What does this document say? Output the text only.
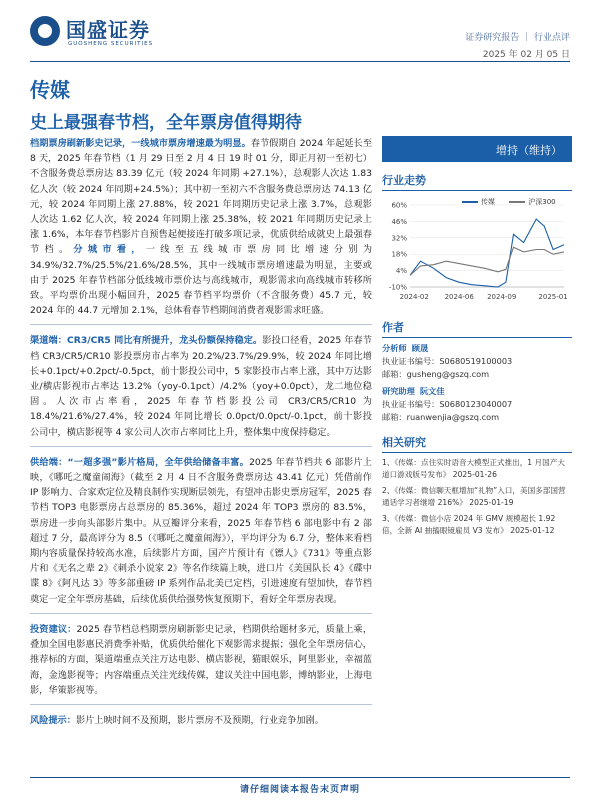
国盛证券
GUOSHENG SECURITIES
证券研究报告 ｜ 行业点评
2025 年 02 月 05 日
传媒
史上最强春节档，全年票房值得期待

档期票房刷新影史记录，一线城市票房增速最为明显。春节假期自 2024 年起延长至 8 天，2025 年春节档（1 月 29 日至 2 月 4 日 19 时 01 分，即正月初一至初七）不含服务费总票房达 83.39 亿元（较 2024 年同期 +27.1%），总观影人次达 1.83 亿人次（较 2024 年同期+24.5%）；其中初一至初六不含服务费总票房达 74.13 亿元，较 2024 年同期上涨 27.88%，较 2021 年同期历史记录上涨 3.7%，总观影人次达 1.62 亿人次，较 2024 年同期上涨 25.38%，较 2021 年同期历史记录上涨 1.6%，本年春节档影片自预售起便接连打破多项记录，优质供给成就史上最强春节档。分城市看，一线至五线城市票房同比增速分别为 34.9%/32.7%/25.5%/21.6%/28.5%，其中一线城市票房增速最为明显，主要或由于 2025 年春节档部分低线城市票价达与高线城市，观影需求向高线城市转移所致。平均票价出现小幅回升，2025 春节档平均票价（不含服务费）45.7 元，较 2024 年的 44.7 元增加 2.1%，总体看春节档期间消费者观影需求旺盛。

渠道端：CR3/CR5 同比有所提升，龙头份额保持稳定。影投口径看，2025 年春节档 CR3/CR5/CR10 影投票房市占率为 20.2%/23.7%/29.9%，较 2024 年同比增长+0.1pct/+0.2pct/-0.5pct，前十影投公司中，5 家影投市占率上涨，其中万达影业/横店影视市占率达 13.2%（yoy-0.1pct）/4.2%（yoy+0.0pct），龙二地位稳固。人次市占率看，2025 年春节档影投公司 CR3/CR5/CR10 为 18.4%/21.6%/27.4%，较 2024 年同比增长 0.0pct/0.0pct/-0.1pct，前十影投公司中，横店影视等 4 家公司人次市占率同比上升，整体集中度保持稳定。

供给端：“一超多强”影片格局，全年供给储备丰富。2025 年春节档共 6 部影片上映，《哪吒之魔童闹海》（截至 2 月 4 日不含服务费票房达 43.41 亿元）凭借前作 IP 影响力、合家欢定位及精良制作实现断层领先，有望冲击影史票房冠军，2025 春节档 TOP3 电影票房占总票房的 85.36%，超过 2024 年 TOP3 票房的 83.5%，票房进一步向头部影片集中。从豆瓣评分来看，2025 年春节档 6 部电影中有 2 部超过 7 分，最高评分为 8.5（《哪吒之魔童闹海》），平均评分为 6.7 分，整体来看档期内容质量保持较高水准，后续影片方面，国产片预计有《镖人》《731》等重点影片和《无名之辈 2》《刺杀小说家 2》等名作续篇上映，进口片《美国队长 4》《碟中谍 8》《阿凡达 3》等多部重磅 IP 系列作品北美已定档，引进速度有望加快，春节档奠定一定全年票房基础，后续优质供给强势恢复预期下，看好全年票房表现。

投资建议：2025 春节档总档期票房刷新影史记录，档期供给题材多元，质量上乘，叠加全国电影惠民消费季补贴，优质供给催化下观影需求提振；强化全年票房信心，推荐标的方面，渠道端重点关注万达电影、横店影视，猫眼娱乐，阿里影业，幸福蓝海，金逸影视等；内容端重点关注光线传媒，建议关注中国电影，博纳影业，上海电影，华策影视等。

风险提示：影片上映时间不及预期，影片票房不及预期，行业竞争加剧。

增持（维持）
行业走势
传媒	沪深300
-10%
4%
18%
32%
46%
60%
2024-02 2024-06 2024-09	2025-01
作者
分析师 顾晟
执业证书编号：S0680519100003
邮箱：gusheng@gszq.com
研究助理 阮文佳
执业证书编号：S0680123040007
邮箱：ruanwenjia@gszq.com
相关研究
1、《传媒：点住实时语音大模型正式推出，1 月国产大道口游戏版号发布》 2025-01-26
2、《传媒：微信聊天框增加“礼物”入口，美国多部国营通话学习者继增 216%》 2025-01-19
3、《传媒：微信小店 2024 年 GMV 规模超长 1.92 倍，全新 AI 抽搐眼镜雇员 V3 发布》 2025-01-12
请仔细阅读本报告末页声明
